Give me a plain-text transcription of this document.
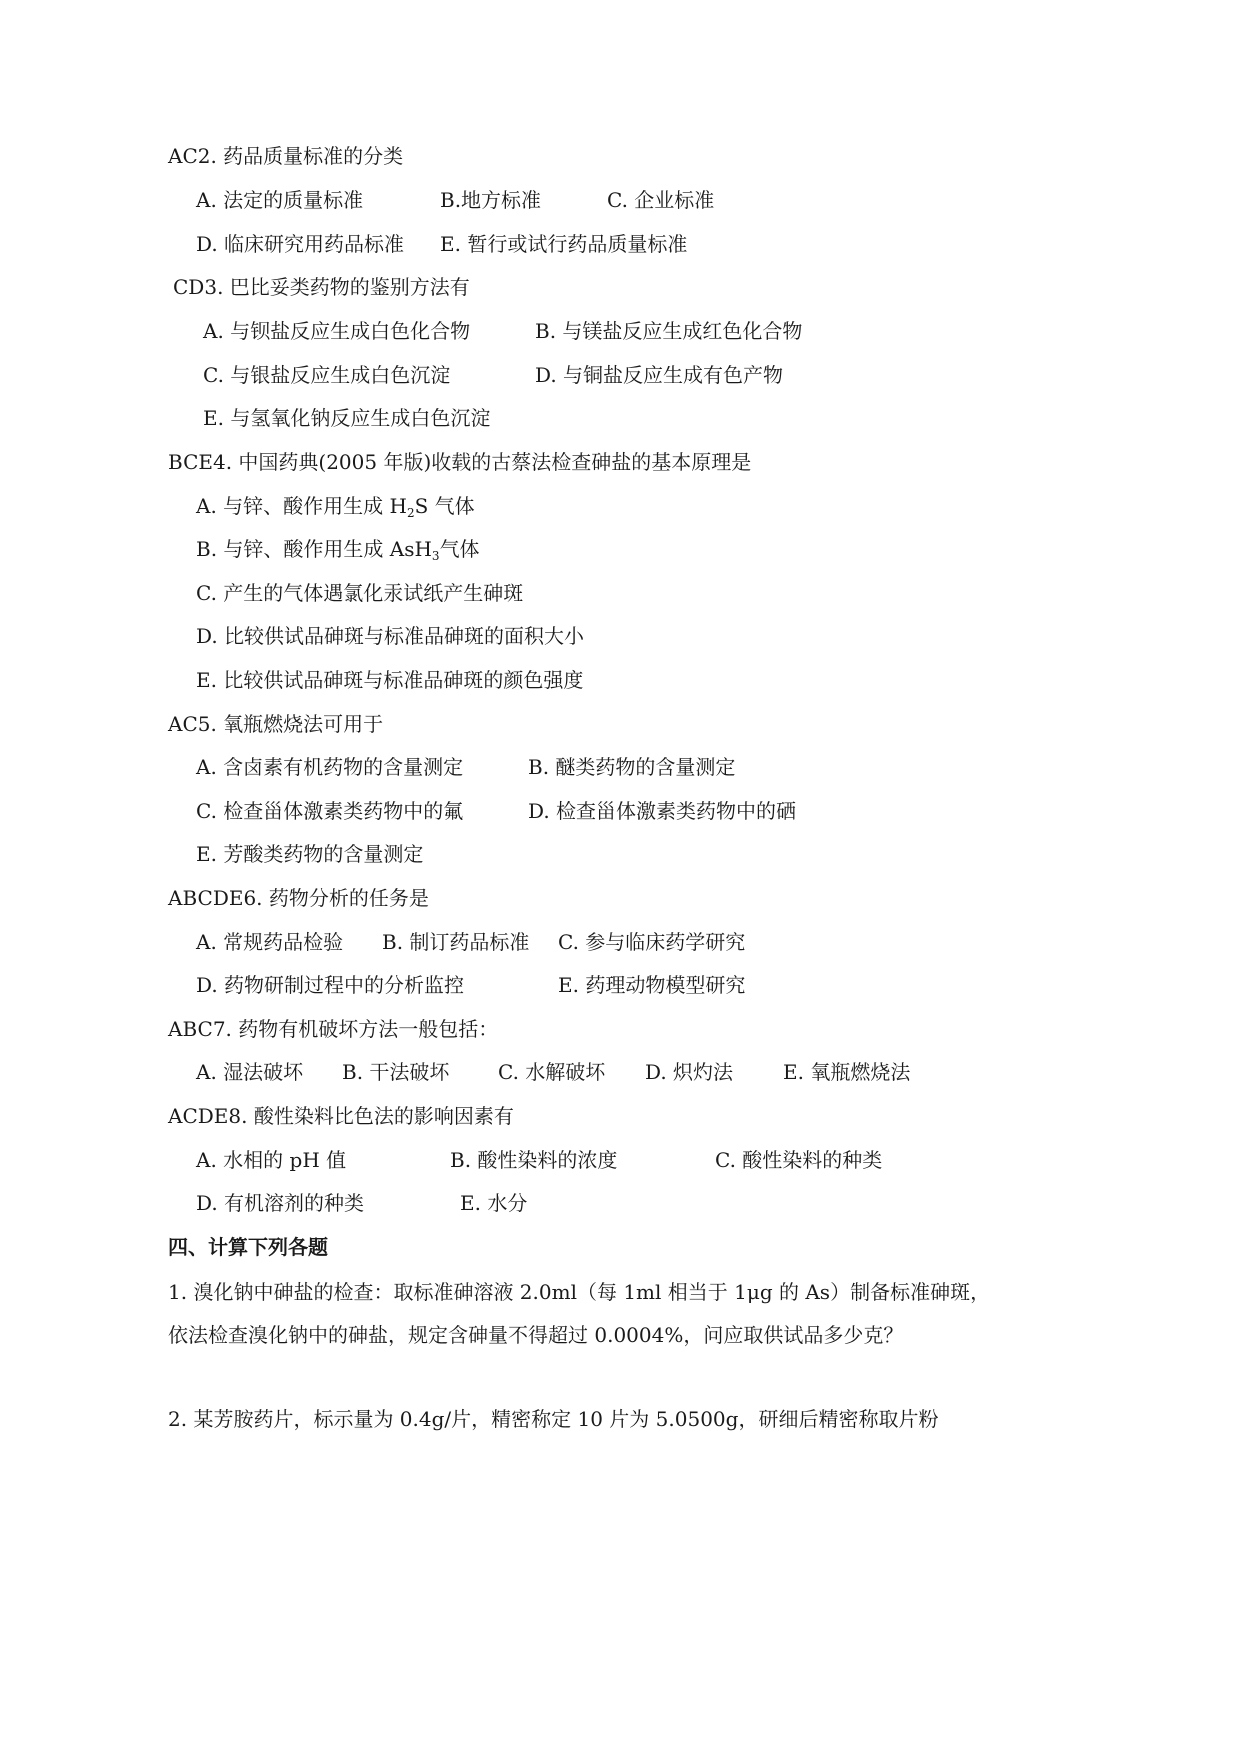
AC2. 药品质量标准的分类
A. 法定的质量标准	B.地方标准	C. 企业标准
D. 临床研究用药品标准 E. 暂行或试行药品质量标准
CD3. 巴比妥类药物的鉴别方法有
A. 与钡盐反应生成白色化合物	B. 与镁盐反应生成红色化合物
C. 与银盐反应生成白色沉淀	D. 与铜盐反应生成有色产物
E. 与氢氧化钠反应生成白色沉淀
BCE4. 中国药典(2005 年版)收载的古蔡法检查砷盐的基本原理是
A. 与锌、酸作用生成 $H_2S$ 气体
B. 与锌、酸作用生成 AsH$_3$气体
C. 产生的气体遇氯化汞试纸产生砷斑
D. 比较供试品砷斑与标准品砷斑的面积大小
E. 比较供试品砷斑与标准品砷斑的颜色强度
AC5. 氧瓶燃烧法可用于
A. 含卤素有机药物的含量测定	B. 醚类药物的含量测定
C. 检查甾体激素类药物中的氟	D. 检查甾体激素类药物中的硒
E. 芳酸类药物的含量测定
ABCDE6. 药物分析的任务是
A. 常规药品检验 B. 制订药品标准 C. 参与临床药学研究
D. 药物研制过程中的分析监控	E. 药理动物模型研究
ABC7. 药物有机破坏方法一般包括：
A. 湿法破坏 B. 干法破坏 C. 水解破坏 D. 炽灼法 E. 氧瓶燃烧法
ACDE8. 酸性染料比色法的影响因素有
A. 水相的 pH 值	B. 酸性染料的浓度	C. 酸性染料的种类
D. 有机溶剂的种类	E. 水分
四、计算下列各题
1. 溴化钠中砷盐的检查：取标准砷溶液 2.0ml（每 1ml 相当于 1μg 的 As）制备标准砷斑，
依法检查溴化钠中的砷盐，规定含砷量不得超过 0.0004%，问应取供试品多少克？
2. 某芳胺药片，标示量为 0.4g/片，精密称定 10 片为 5.0500g，研细后精密称取片粉
